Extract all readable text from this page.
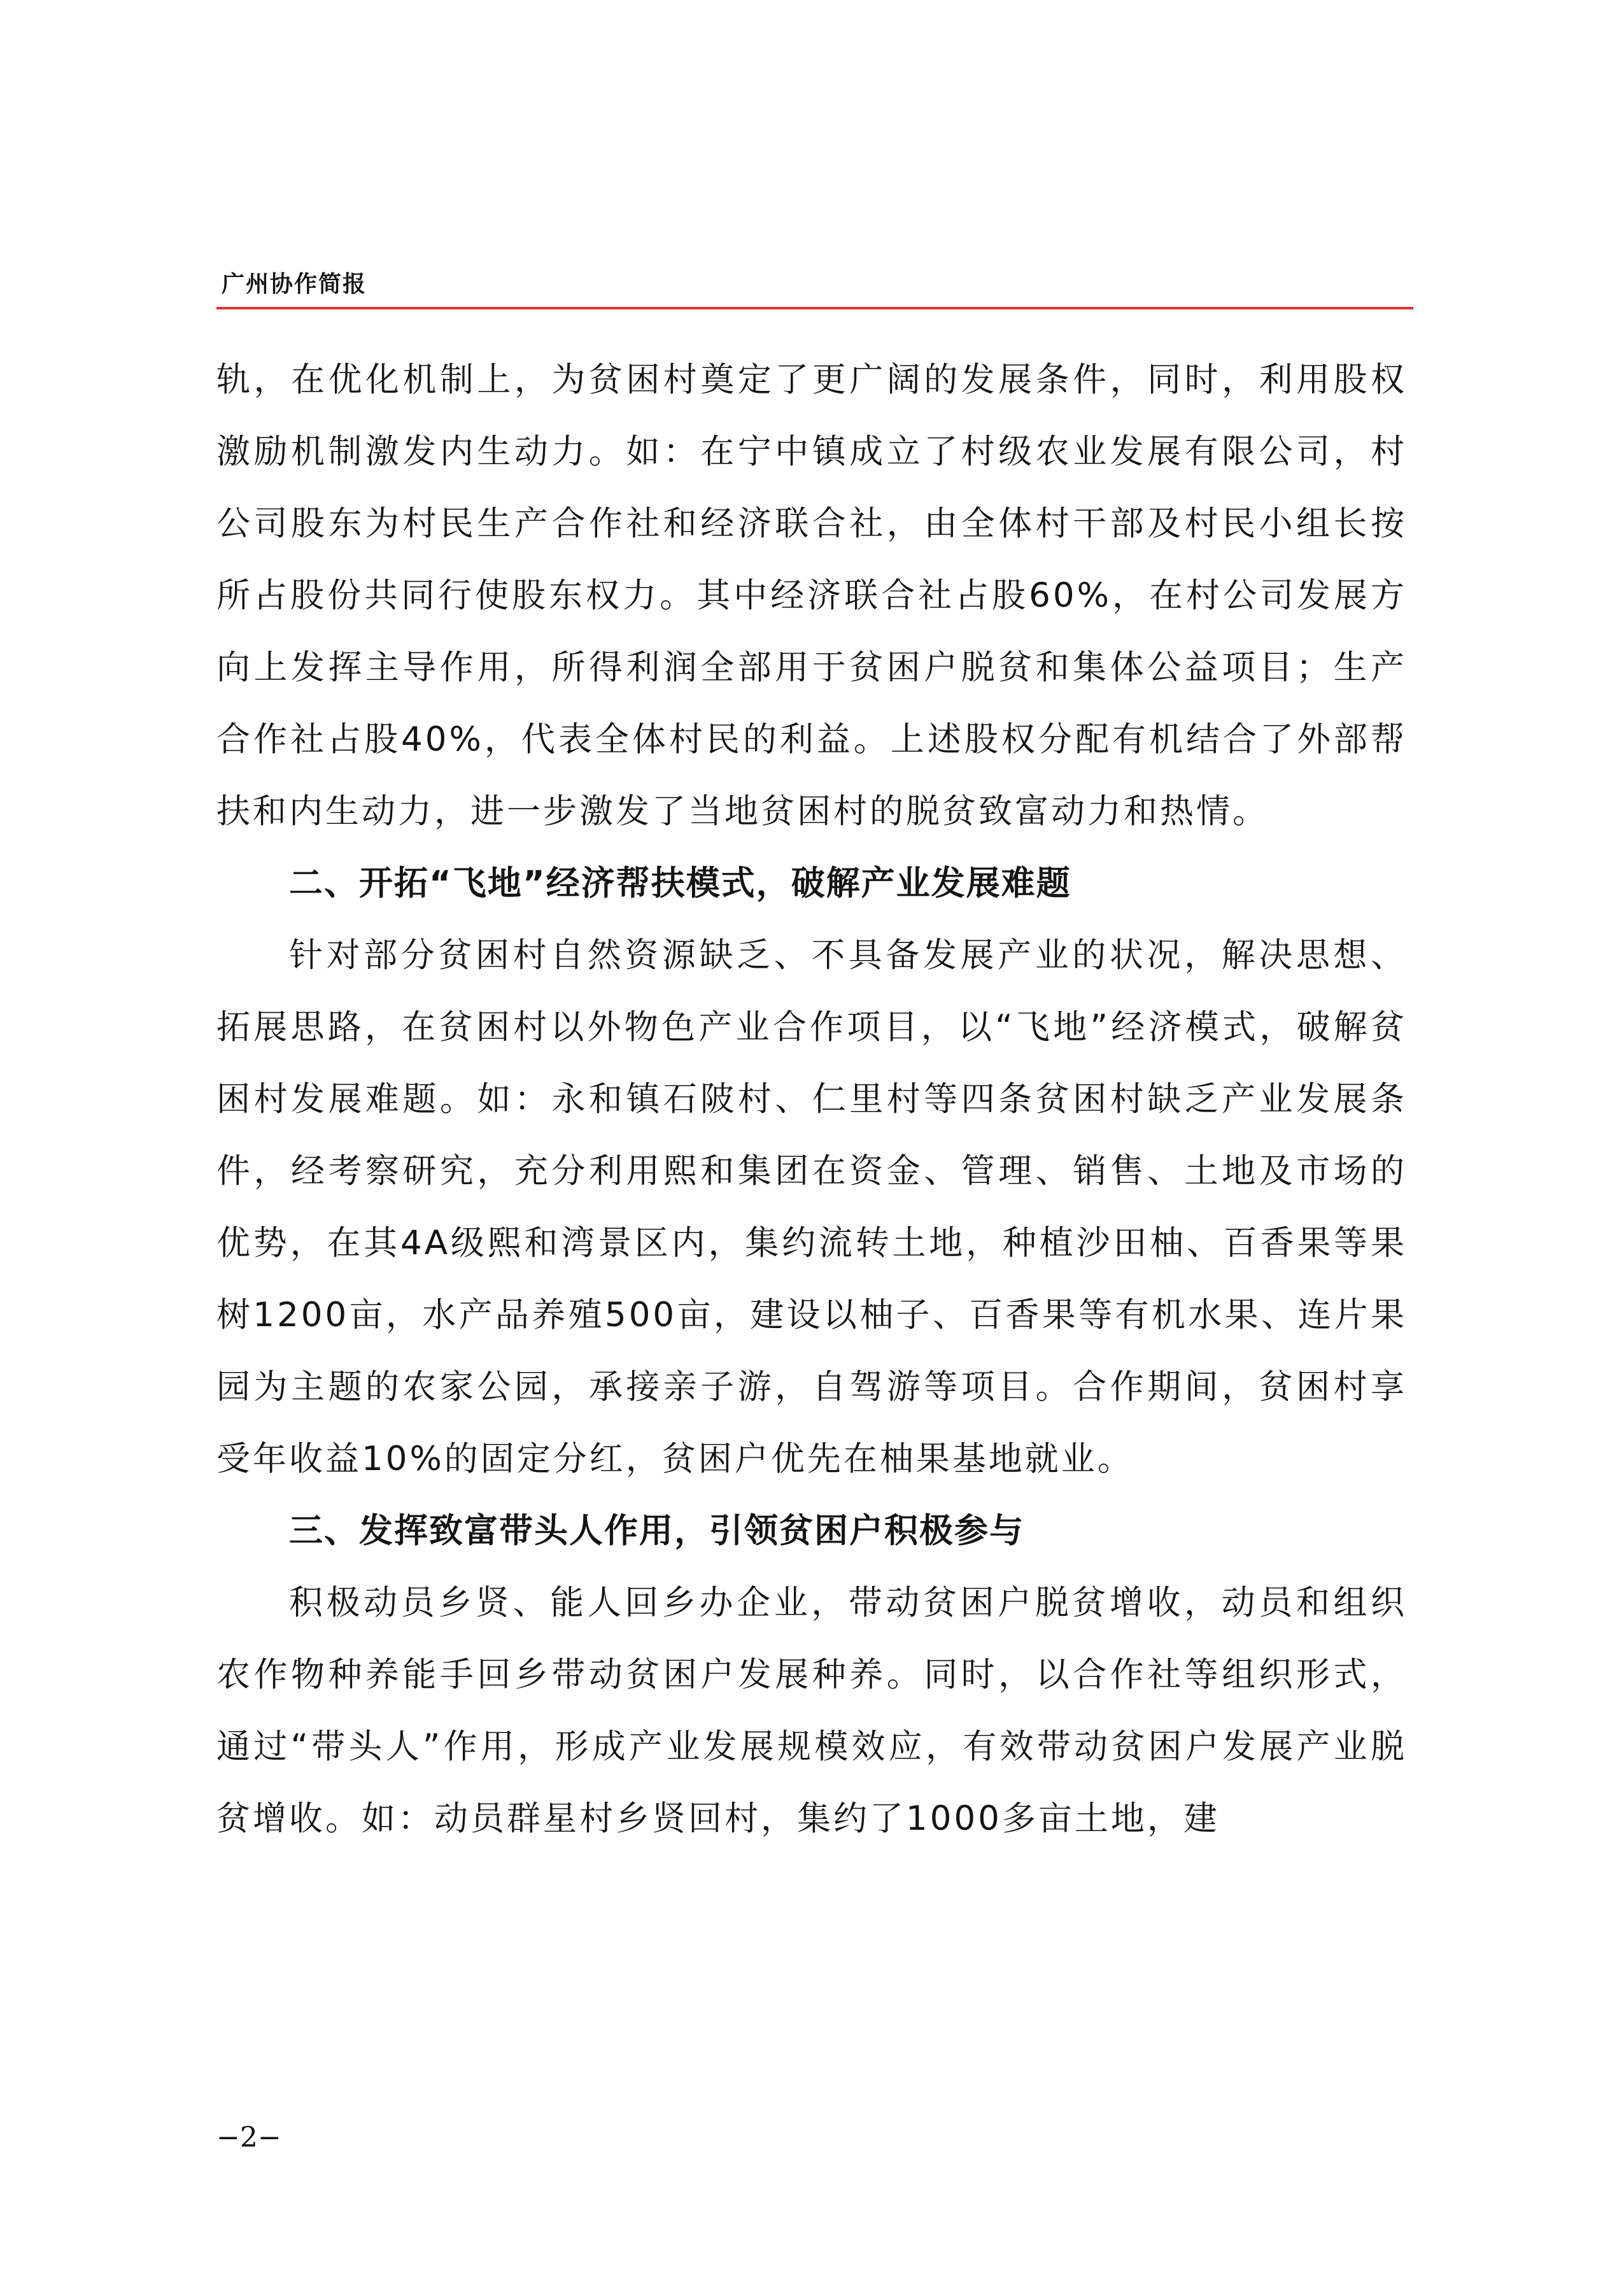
广州协作简报

轨，在优化机制上，为贫困村奠定了更广阔的发展条件，同时，利用股权激励机制激发内生动力。如：在宁中镇成立了村级农业发展有限公司，村公司股东为村民生产合作社和经济联合社，由全体村干部及村民小组长按所占股份共同行使股东权力。其中经济联合社占股60%，在村公司发展方向上发挥主导作用，所得利润全部用于贫困户脱贫和集体公益项目；生产合作社占股40%，代表全体村民的利益。上述股权分配有机结合了外部帮扶和内生动力，进一步激发了当地贫困村的脱贫致富动力和热情。

二、开拓“飞地”经济帮扶模式，破解产业发展难题

针对部分贫困村自然资源缺乏、不具备发展产业的状况，解决思想、拓展思路，在贫困村以外物色产业合作项目，以“飞地”经济模式，破解贫困村发展难题。如：永和镇石陂村、仁里村等四条贫困村缺乏产业发展条件，经考察研究，充分利用熙和集团在资金、管理、销售、土地及市场的优势，在其4A级熙和湾景区内，集约流转土地，种植沙田柚、百香果等果树1200亩，水产品养殖500亩，建设以柚子、百香果等有机水果、连片果园为主题的农家公园，承接亲子游，自驾游等项目。合作期间，贫困村享受年收益10%的固定分红，贫困户优先在柚果基地就业。

三、发挥致富带头人作用，引领贫困户积极参与

积极动员乡贤、能人回乡办企业，带动贫困户脱贫增收，动员和组织农作物种养能手回乡带动贫困户发展种养。同时，以合作社等组织形式，通过“带头人”作用，形成产业发展规模效应，有效带动贫困户发展产业脱贫增收。如：动员群星村乡贤回村，集约了1000多亩土地，建

−2−
